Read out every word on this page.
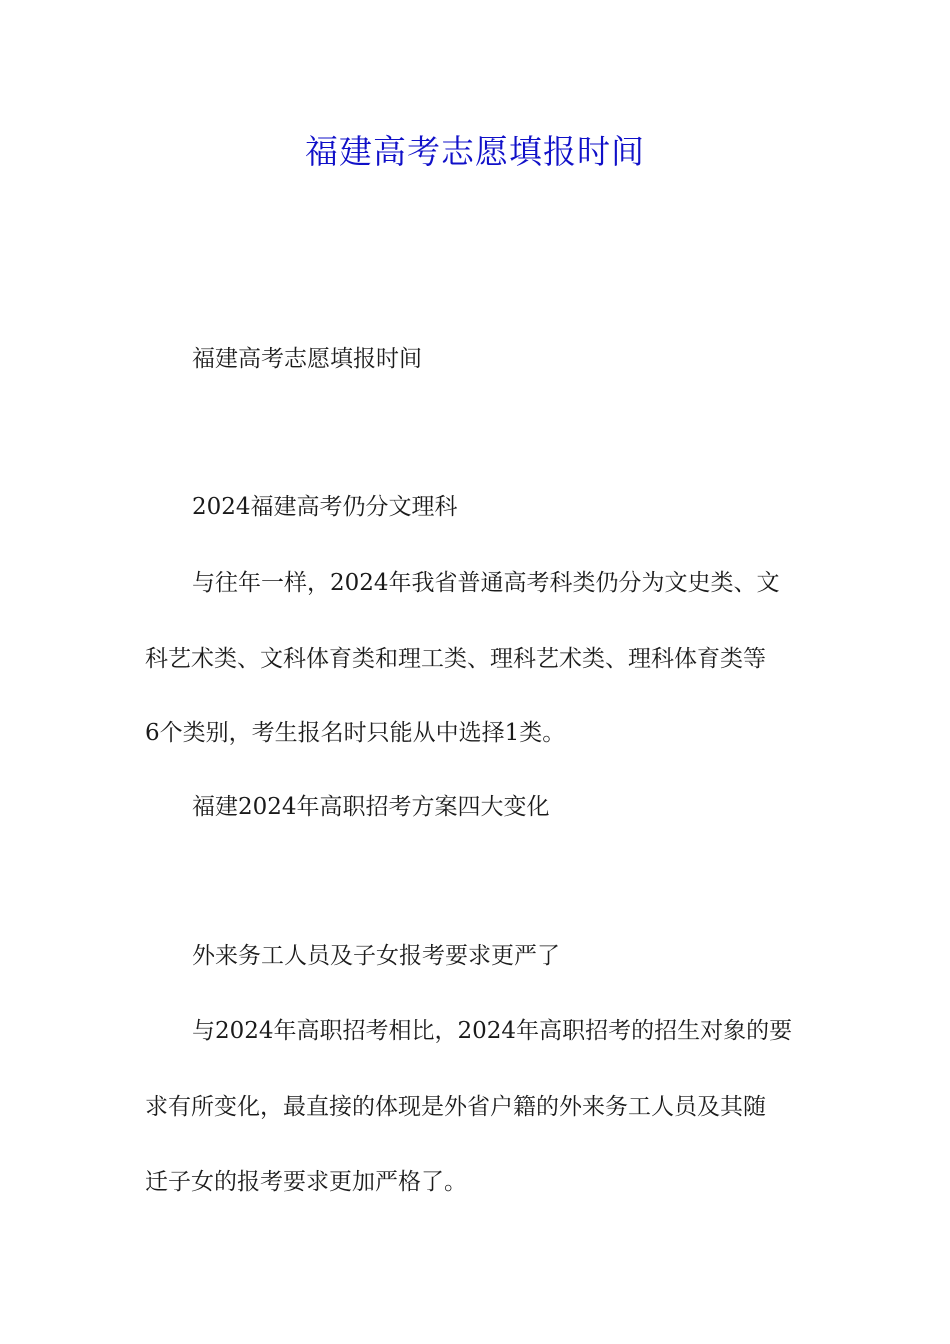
福建高考志愿填报时间

福建高考志愿填报时间

2024福建高考仍分文理科

与往年一样，2024年我省普通高考科类仍分为文史类、文

科艺术类、文科体育类和理工类、理科艺术类、理科体育类等

6个类别，考生报名时只能从中选择1类。

福建2024年高职招考方案四大变化

外来务工人员及子女报考要求更严了

与2024年高职招考相比，2024年高职招考的招生对象的要

求有所变化，最直接的体现是外省户籍的外来务工人员及其随

迁子女的报考要求更加严格了。
